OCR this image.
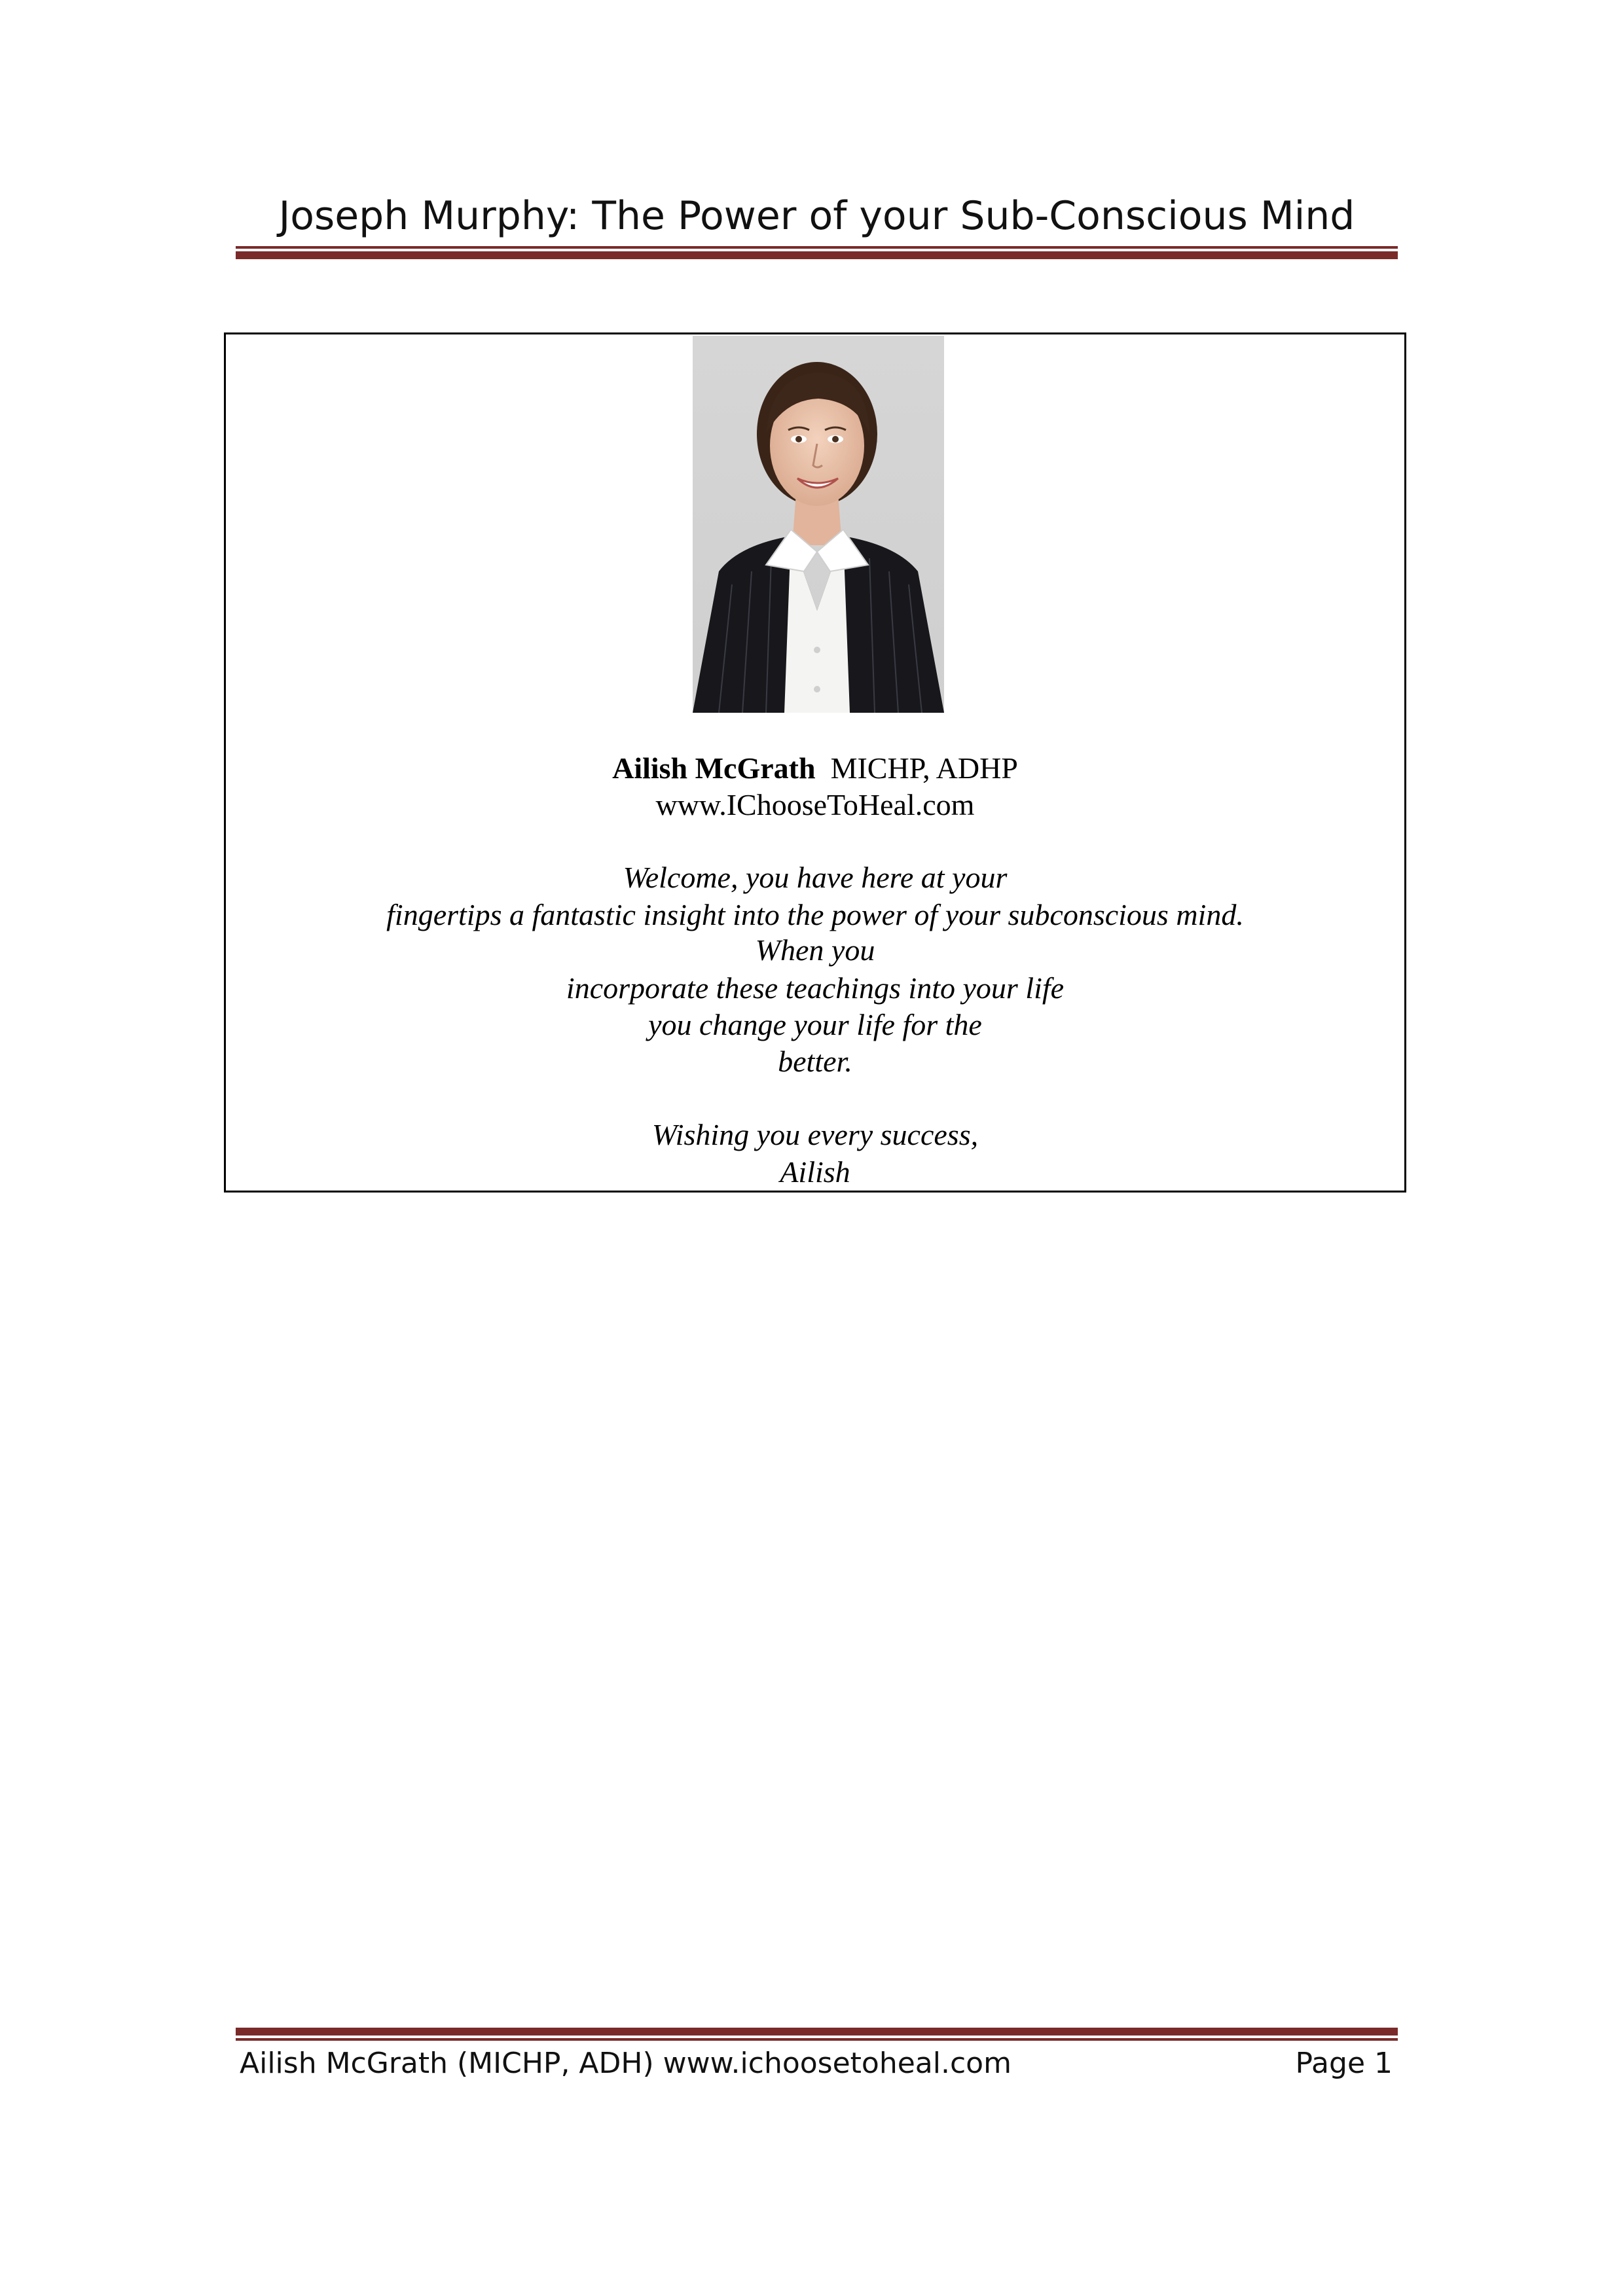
Joseph Murphy: The Power of your Sub-Conscious Mind
Ailish McGrath MICHP, ADHP
www.IChooseToHeal.com
Welcome, you have here at your
fingertips a fantastic insight into the power of your subconscious mind.
When you
incorporate these teachings into your life
you change your life for the
better.
Wishing you every success,
Ailish
Ailish McGrath (MICHP, ADH) www.ichoosetoheal.com	Page 1
